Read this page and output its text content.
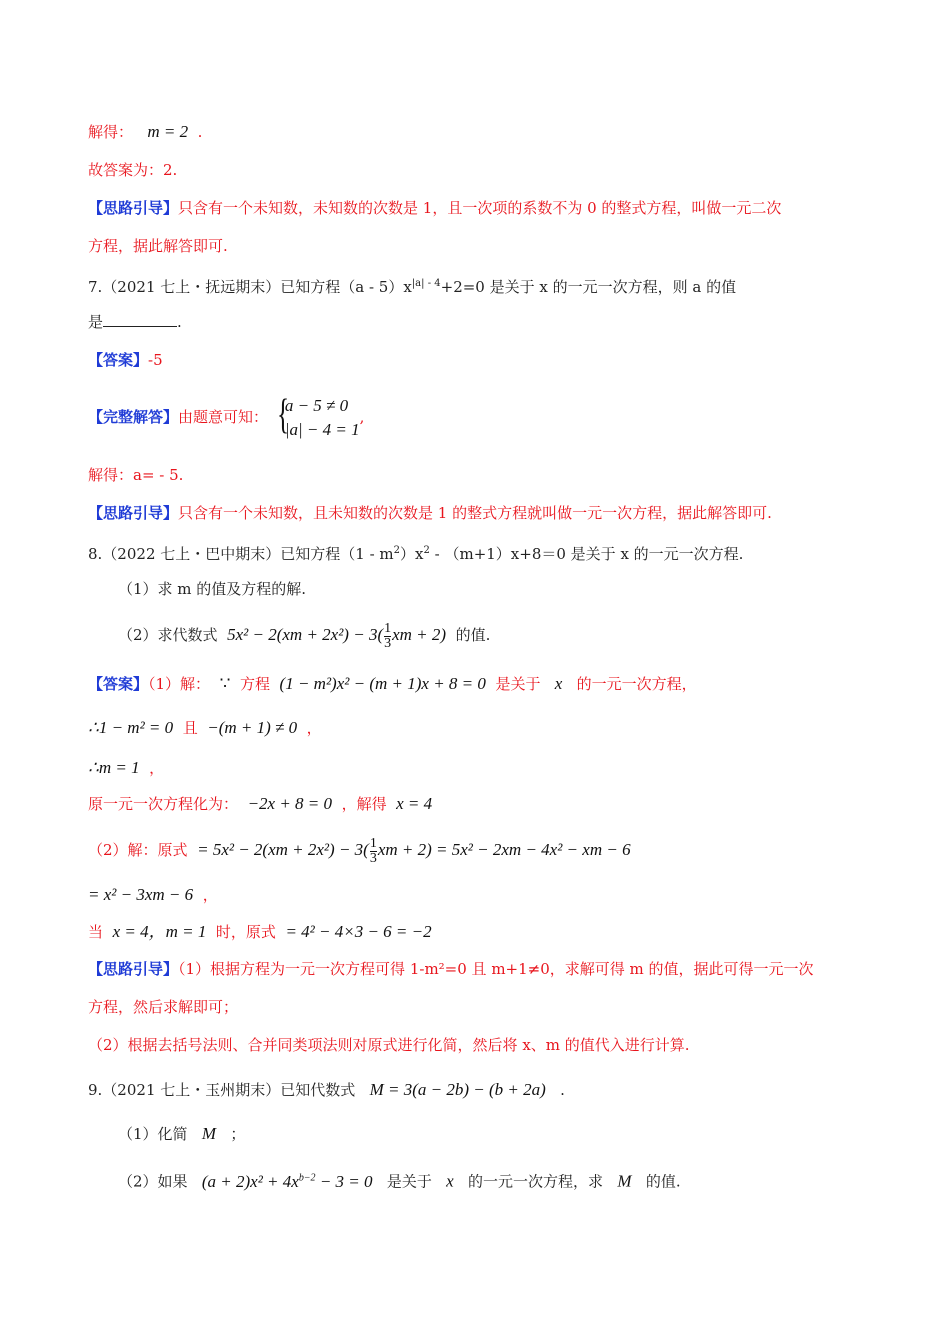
解得： m = 2 .
故答案为：2.
【思路引导】只含有一个未知数，未知数的次数是 1，且一次项的系数不为 0 的整式方程，叫做一元二次
方程，据此解答即可.
7.（2021 七上・抚远期末）已知方程$(a - 5)x^{|a| - 4}+2=0$ 是关于 x 的一元一次方程，则 a 的值
是	.
【答案】-5
【完整解答】由题意可知： {
a − 5 ≠ 0
|a| − 4 = 1
,
解得：a= - 5.
【思路引导】只含有一个未知数，且未知数的次数是 1 的整式方程就叫做一元一次方程，据此解答即可.
8.（2022 七上・巴中期末）已知方程$(1 - m^2)x^2 - (m+1)x+8=0$ 是关于 x 的一元一次方程.
（1）求 m 的值及方程的解.
（2）求代数式 $5x^2 - 2(xm + 2x^2) - 3( \frac{1}{3}$ xm + 2) 的值.
【答案】（1）解： ∵ 方程 (1 − m²)x² − (m + 1)x + 8 = 0 是关于 x 的一元一次方程，
∴1 − m² = 0 且 −(m + 1) ≠ 0 ，
∴m = 1 ，
原一元一次方程化为： −2x + 8 = 0 ，解得 x = 4
（2）解：原式 = $5x^2 - 2(xm + 2x^2) - 3( \frac{1}{3}$ xm + 2) = 5x² − 2xm − 4x² − xm − 6
= x² − 3xm − 6 ，
当 x = 4，m = 1 时，原式 = 4² − 4×3 − 6 = −2
【思路引导】（1）根据方程为一元一次方程可得 1-m²=0 且 m+1≠0，求解可得 m 的值，据此可得一元一次
方程，然后求解即可；
（2）根据去括号法则、合并同类项法则对原式进行化简，然后将 x、m 的值代入进行计算.
9.（2021 七上・玉州期末）已知代数式 M = 3(a − 2b) − (b + 2a) .
（1）化简 M ；
（2）如果 $(a + 2)x^2 + 4x^{b-2} - 3 = 0$ 是关于 x 的一元一次方程，求 M 的值.
